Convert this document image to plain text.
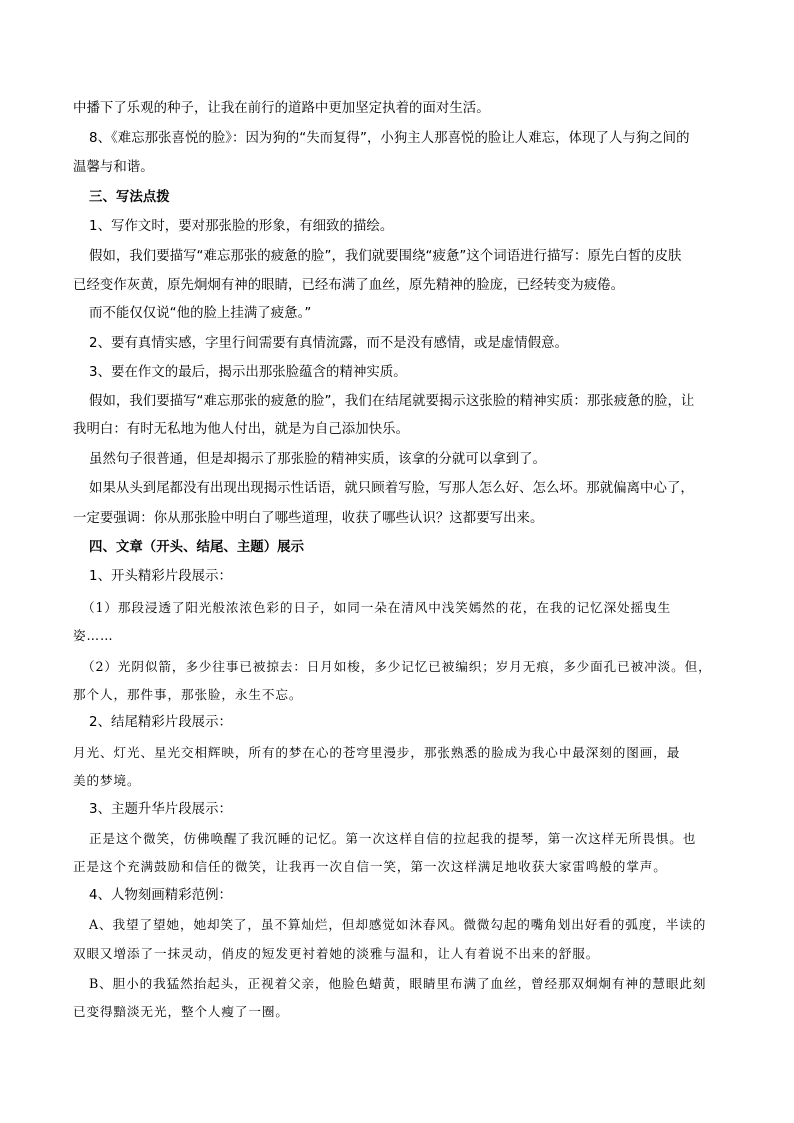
中播下了乐观的种子，让我在前行的道路中更加坚定执着的面对生活。
8、《难忘那张喜悦的脸》：因为狗的“失而复得”，小狗主人那喜悦的脸让人难忘，体现了人与狗之间的
温馨与和谐。
三、写法点拨
1、写作文时，要对那张脸的形象，有细致的描绘。
假如，我们要描写“难忘那张的疲惫的脸”，我们就要围绕“疲惫”这个词语进行描写：原先白皙的皮肤
已经变作灰黄，原先炯炯有神的眼睛，已经布满了血丝，原先精神的脸庞，已经转变为疲倦。
而不能仅仅说“他的脸上挂满了疲惫。”
2、要有真情实感，字里行间需要有真情流露，而不是没有感情，或是虚情假意。
3、要在作文的最后，揭示出那张脸蕴含的精神实质。
假如，我们要描写“难忘那张的疲惫的脸”，我们在结尾就要揭示这张脸的精神实质：那张疲惫的脸，让
我明白：有时无私地为他人付出，就是为自己添加快乐。
虽然句子很普通，但是却揭示了那张脸的精神实质，该拿的分就可以拿到了。
如果从头到尾都没有出现出现揭示性话语，就只顾着写脸，写那人怎么好、怎么坏。那就偏离中心了，
一定要强调：你从那张脸中明白了哪些道理，收获了哪些认识？这都要写出来。
四、文章（开头、结尾、主题）展示
1、开头精彩片段展示：
（1）那段浸透了阳光般浓浓色彩的日子，如同一朵在清风中浅笑嫣然的花，在我的记忆深处摇曳生
姿……
（2）光阴似箭，多少往事已被掠去：日月如梭，多少记忆已被编织；岁月无痕，多少面孔已被冲淡。但，
那个人，那件事，那张脸，永生不忘。
2、结尾精彩片段展示：
月光、灯光、星光交相辉映，所有的梦在心的苍穹里漫步，那张熟悉的脸成为我心中最深刻的图画，最
美的梦境。
3、主题升华片段展示：
正是这个微笑，仿佛唤醒了我沉睡的记忆。第一次这样自信的拉起我的提琴，第一次这样无所畏惧。也
正是这个充满鼓励和信任的微笑，让我再一次自信一笑，第一次这样满足地收获大家雷鸣般的掌声。
4、人物刻画精彩范例：
A、我望了望她，她却笑了，虽不算灿烂，但却感觉如沐春风。微微勾起的嘴角划出好看的弧度，半读的
双眼又增添了一抹灵动，俏皮的短发更衬着她的淡雅与温和，让人有着说不出来的舒服。
B、胆小的我猛然抬起头，正视着父亲，他脸色蜡黄，眼睛里布满了血丝，曾经那双炯炯有神的慧眼此刻
已变得黯淡无光，整个人瘦了一圈。
